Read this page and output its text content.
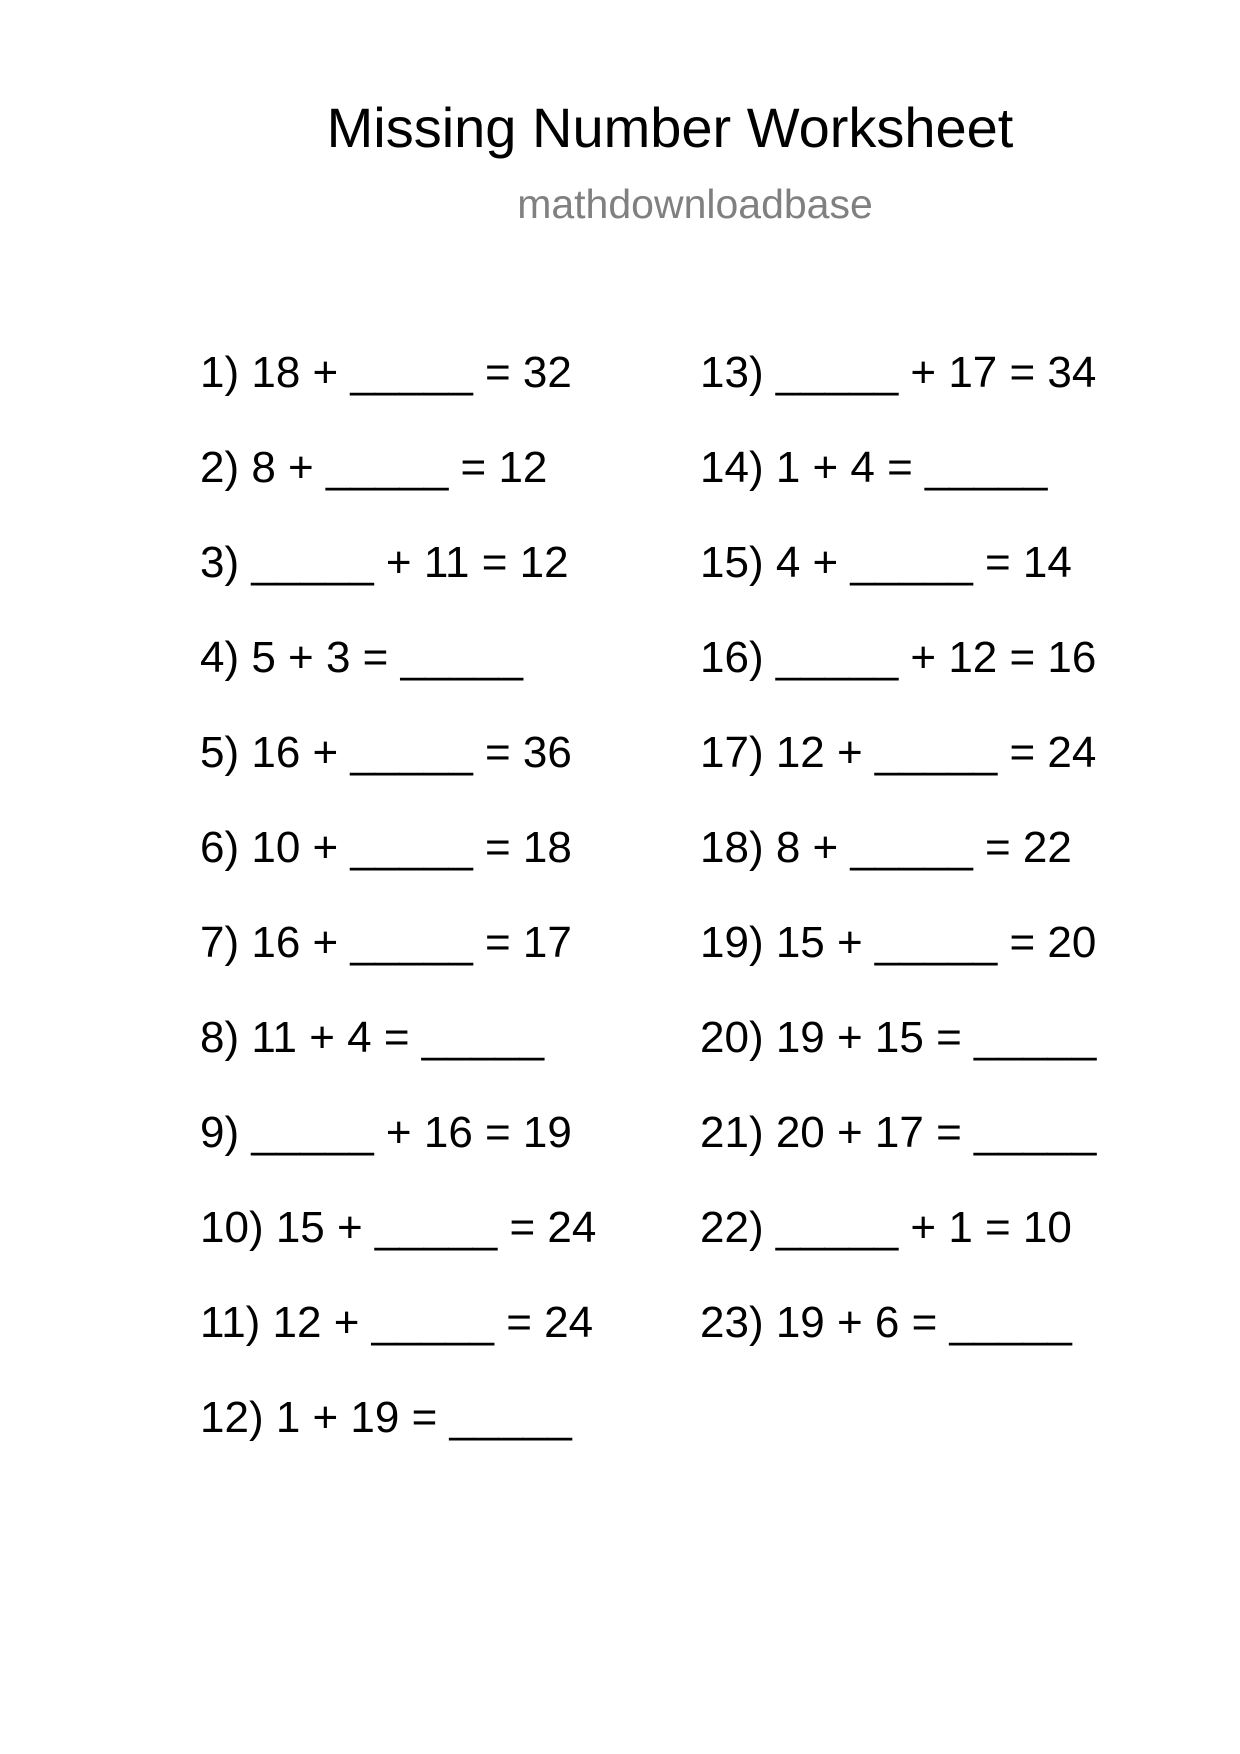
Missing Number Worksheet
mathdownloadbase
1) 18 + _____ = 32
2) 8 + _____ = 12
3) _____ + 11 = 12
4) 5 + 3 = _____
5) 16 + _____ = 36
6) 10 + _____ = 18
7) 16 + _____ = 17
8) 11 + 4 = _____
9) _____ + 16 = 19
10) 15 + _____ = 24
11) 12 + _____ = 24
12) 1 + 19 = _____
13) _____ + 17 = 34
14) 1 + 4 = _____
15) 4 + _____ = 14
16) _____ + 12 = 16
17) 12 + _____ = 24
18) 8 + _____ = 22
19) 15 + _____ = 20
20) 19 + 15 = _____
21) 20 + 17 = _____
22) _____ + 1 = 10
23) 19 + 6 = _____
